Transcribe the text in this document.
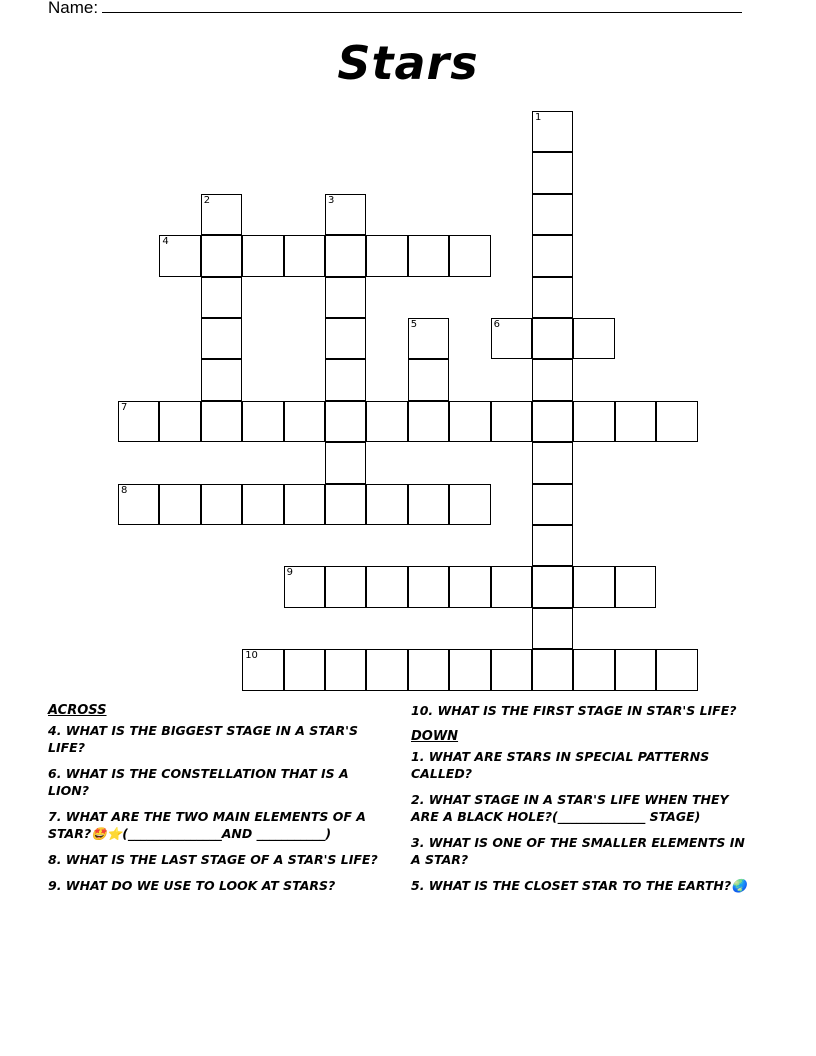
Name:
Stars
1
2	3
4
5	6
7
8
9
10
ACROSS
4. WHAT IS THE BIGGEST STAGE IN A STAR'S LIFE?
6. WHAT IS THE CONSTELLATION THAT IS A LION?
7. WHAT ARE THE TWO MAIN ELEMENTS OF A STAR?🤩⭐(_______________AND ___________)
8. WHAT IS THE LAST STAGE OF A STAR'S LIFE?
9. WHAT DO WE USE TO LOOK AT STARS?
10. WHAT IS THE FIRST STAGE IN STAR'S LIFE?
DOWN
1. WHAT ARE STARS IN SPECIAL PATTERNS CALLED?
2. WHAT STAGE IN A STAR'S LIFE WHEN THEY ARE A BLACK HOLE?(______________ STAGE)
3. WHAT IS ONE OF THE SMALLER ELEMENTS IN A STAR?
5. WHAT IS THE CLOSET STAR TO THE EARTH?🌏
